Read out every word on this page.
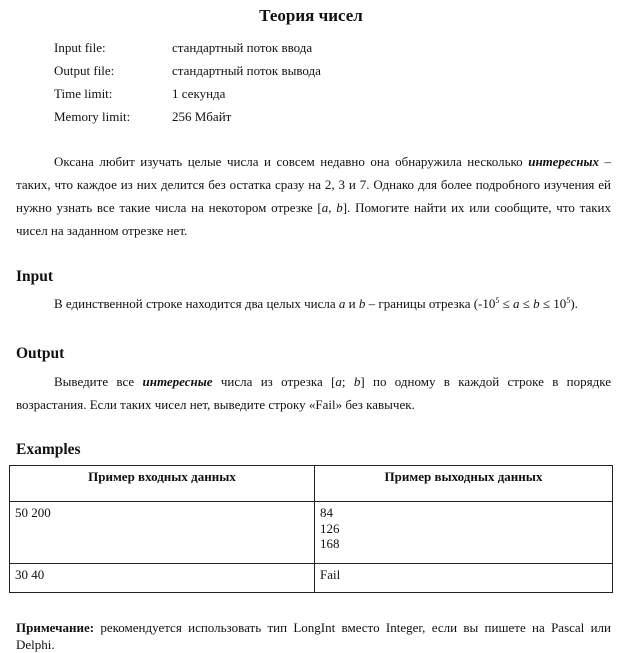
Теория чисел
Input file:	стандартный поток ввода
Output file:	стандартный поток вывода
Time limit:	1 секунда
Memory limit:	256 Мбайт
Оксана любит изучать целые числа и совсем недавно она обнаружила несколько интересных – таких, что каждое из них делится без остатка сразу на 2, 3 и 7. Однако для более подробного изучения ей нужно узнать все такие числа на некотором отрезке [a, b]. Помогите найти их или сообщите, что таких чисел на заданном отрезке нет.
Input
В единственной строке находится два целых числа a и b – границы отрезка $(-10^5 \le a \le b \le 10^5)$.
Output
Выведите все интересные числа из отрезка [a; b] по одному в каждой строке в порядке возрастания. Если таких чисел нет, выведите строку «Fail» без кавычек.
Examples
Пример входных данных	Пример выходных данных
50 200	84
126
168

30 40	Fail
Примечание: рекомендуется использовать тип LongInt вместо Integer, если вы пишете на Pascal или Delphi.
